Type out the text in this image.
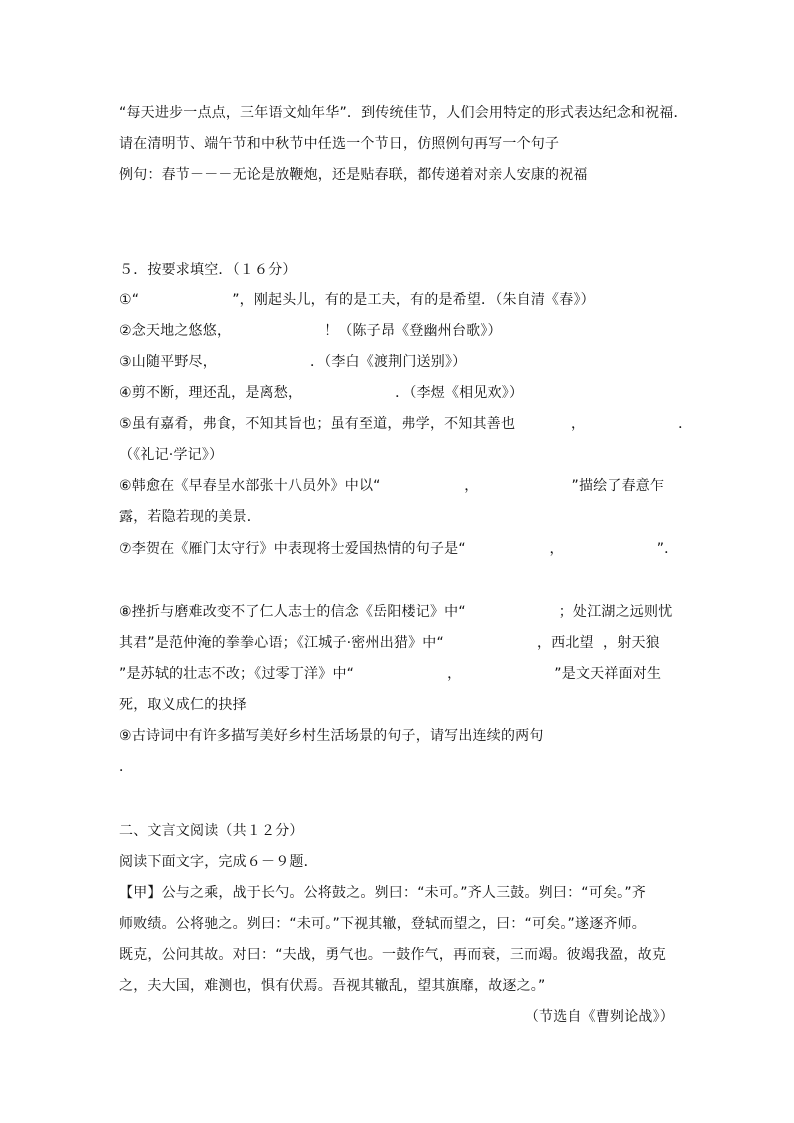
“每天进步一点点，三年语文灿年华”．到传统佳节，人们会用特定的形式表达纪念和祝福．
请在清明节、端午节和中秋节中任选一个节日，仿照例句再写一个句子
例句：春节－－－无论是放鞭炮，还是贴春联，都传递着对亲人安康的祝福
５．按要求填空．（１６分）
①“                    ”，刚起头儿，有的是工夫，有的是希望．（朱自清《春》）
②念天地之悠悠，                    ！（陈子昂《登幽州台歌》）
③山随平野尽，                    ．（李白《渡荆门送别》）
④剪不断，理还乱，是离愁，                    ．（李煜《相见欢》）
⑤虽有嘉肴，弗食，不知其旨也；虽有至道，弗学，不知其善也            ，                    ．
（《礼记·学记》）
⑥韩愈在《早春呈水部张十八员外》中以“                  ，                    ”描绘了春意乍
露，若隐若现的美景．
⑦李贺在《雁门太守行》中表现将士爱国热情的句子是“                  ，                    ”．
⑧挫折与磨难改变不了仁人志士的信念《岳阳楼记》中“                    ；处江湖之远则忧
其君”是范仲淹的拳拳心语；《江城子·密州出猎》中“                    ，西北望  ，射天狼
”是苏轼的壮志不改；《过零丁洋》中“                    ，                    ”是文天祥面对生
死，取义成仁的抉择
⑨古诗词中有许多描写美好乡村生活场景的句子，请写出连续的两句
．
二、文言文阅读（共１２分）
阅读下面文字，完成６－９题．
【甲】公与之乘，战于长勺。公将鼓之。刿曰：“未可。”齐人三鼓。刿曰：“可矣。”齐
师败绩。公将驰之。刿曰：“未可。”下视其辙，登轼而望之，曰：“可矣。”遂逐齐师。
既克，公问其故。对曰：“夫战，勇气也。一鼓作气，再而衰，三而竭。彼竭我盈，故克
之，夫大国，难测也，惧有伏焉。吾视其辙乱，望其旗靡，故逐之。”
（节选自《曹刿论战》）
